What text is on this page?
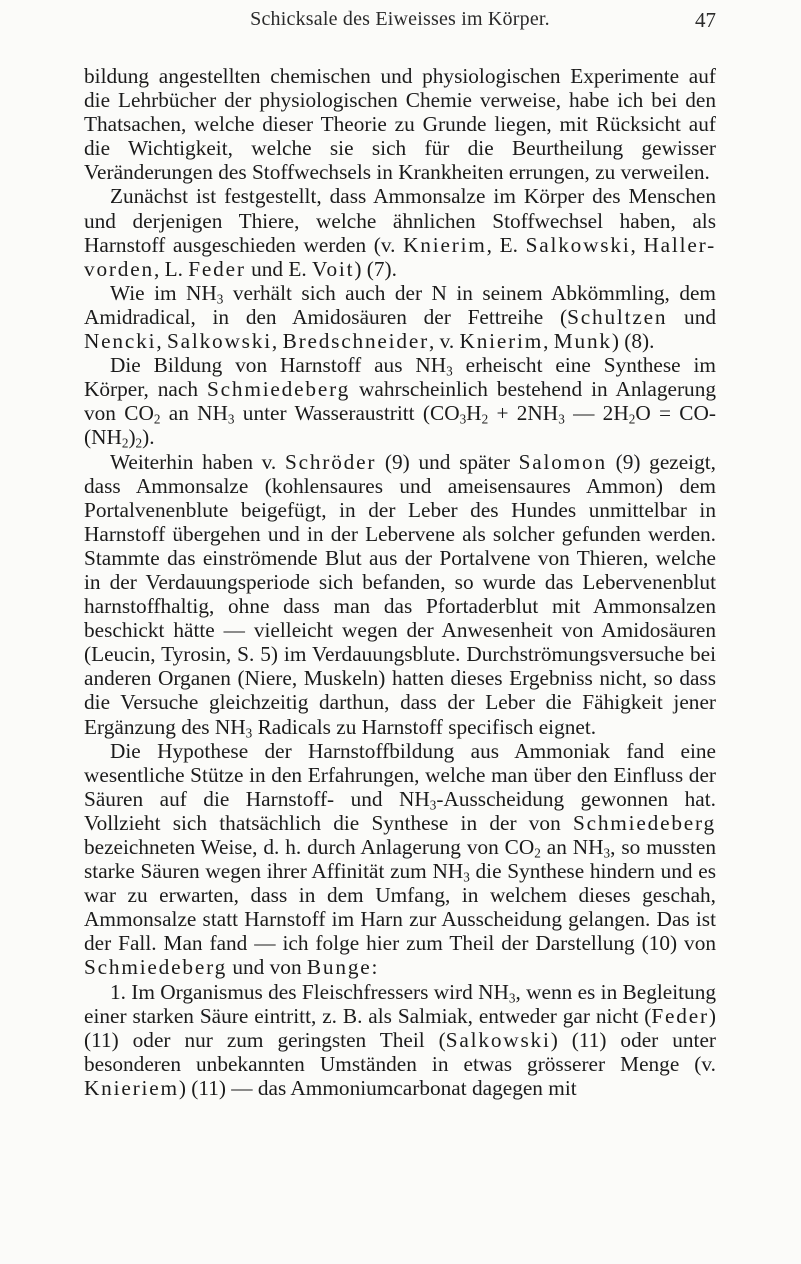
Schicksale des Eiweisses im Körper.	47

bildung angestellten chemischen und physiologischen Experimente auf die Lehrbücher der physiologischen Chemie verweise, habe ich bei den Thatsachen, welche dieser Theorie zu Grunde liegen, mit Rücksicht auf die Wichtigkeit, welche sie sich für die Beurtheilung gewisser Veränderungen des Stoffwechsels in Krankheiten errungen, zu verweilen.

Zunächst ist festgestellt, dass Ammonsalze im Körper des Menschen und derjenigen Thiere, welche ähnlichen Stoffwechsel haben, als Harnstoff ausgeschieden werden (v. Knierim, E. Salkowski, Haller-vorden, L. Feder und E. Voit) (7).

Wie im $NH_3$ verhält sich auch der N in seinem Abkömmling, dem Amidradical, in den Amidosäuren der Fettreihe (Schultzen und Nencki, Salkowski, Bredschneider, v. Knierim, Munk) (8).

Die Bildung von Harnstoff aus $NH_3$ erheischt eine Synthese im Körper, nach Schmiedeberg wahrscheinlich bestehend in Anlagerung von $CO_2$ an $NH_3$ unter Wasseraustritt ($CO_3H_2 + 2NH_3$ — $2H_2O = CO-(NH_2)_2$).

Weiterhin haben v. Schröder (9) und später Salomon (9) gezeigt, dass Ammonsalze (kohlensaures und ameisensaures Ammon) dem Portalvenenblute beigefügt, in der Leber des Hundes unmittelbar in Harnstoff übergehen und in der Lebervene als solcher gefunden werden. Stammte das einströmende Blut aus der Portalvene von Thieren, welche in der Verdauungsperiode sich befanden, so wurde das Lebervenenblut harnstoffhaltig, ohne dass man das Pfortaderblut mit Ammonsalzen beschickt hätte — vielleicht wegen der Anwesenheit von Amidosäuren (Leucin, Tyrosin, S. 5) im Verdauungsblute. Durchströmungsversuche bei anderen Organen (Niere, Muskeln) hatten dieses Ergebniss nicht, so dass die Versuche gleichzeitig darthun, dass der Leber die Fähigkeit jener Ergänzung des $NH_3$ Radicals zu Harnstoff specifisch eignet.

Die Hypothese der Harnstoffbildung aus Ammoniak fand eine wesentliche Stütze in den Erfahrungen, welche man über den Einfluss der Säuren auf die Harnstoff- und $NH_3$-Ausscheidung gewonnen hat. Vollzieht sich thatsächlich die Synthese in der von Schmiedeberg bezeichneten Weise, d. h. durch Anlagerung von $CO_2$ an $NH_3$, so mussten starke Säuren wegen ihrer Affinität zum $NH_3$ die Synthese hindern und es war zu erwarten, dass in dem Umfang, in welchem dieses geschah, Ammonsalze statt Harnstoff im Harn zur Ausscheidung gelangen. Das ist der Fall. Man fand — ich folge hier zum Theil der Darstellung (10) von Schmiedeberg und von Bunge:

1. Im Organismus des Fleischfressers wird $NH_3$, wenn es in Begleitung einer starken Säure eintritt, z. B. als Salmiak, entweder gar nicht (Feder) (11) oder nur zum geringsten Theil (Salkowski) (11) oder unter besonderen unbekannten Umständen in etwas grösserer Menge (v. Knieriem) (11) — das Ammoniumcarbonat dagegen mit
